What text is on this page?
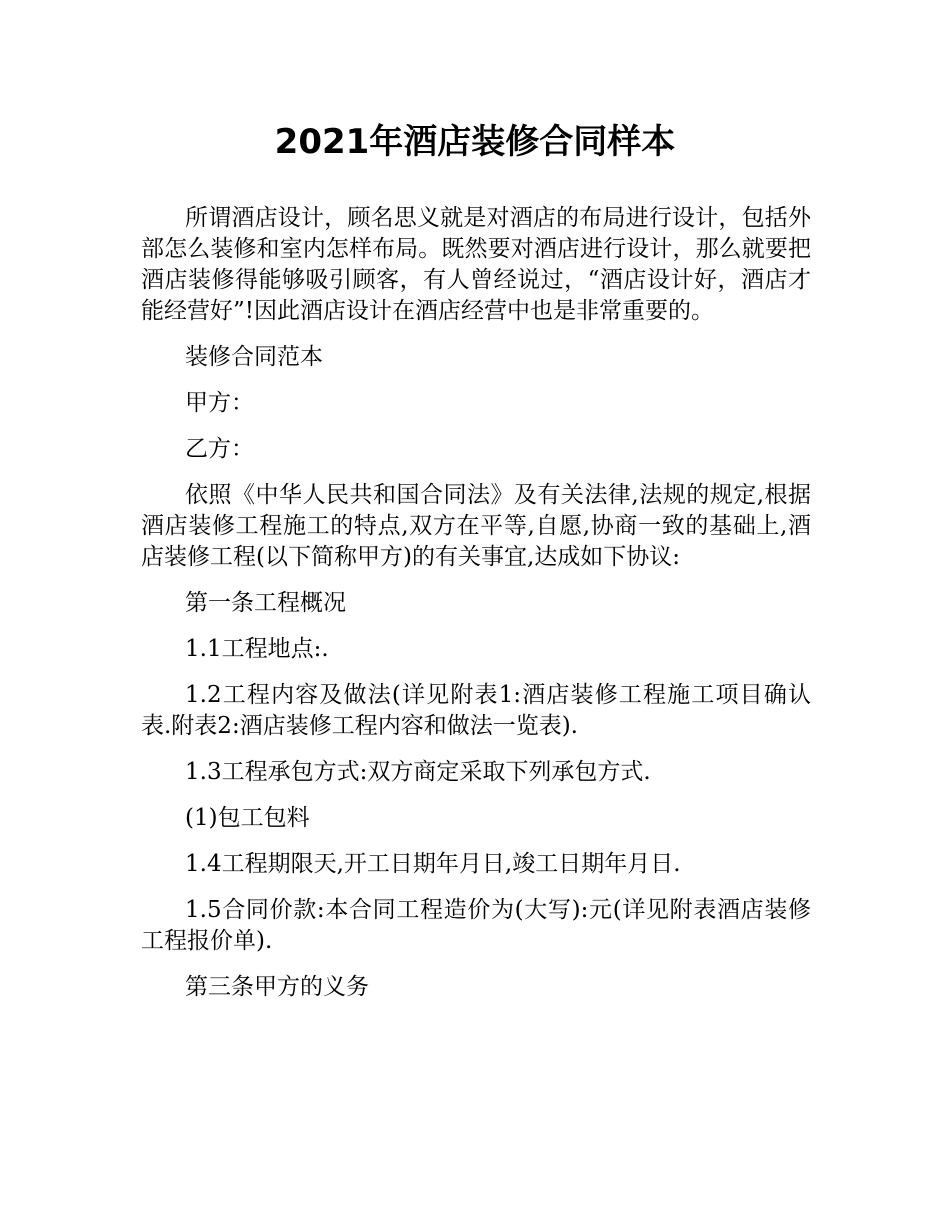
2021年酒店装修合同样本

所谓酒店设计，顾名思义就是对酒店的布局进行设计，包括外部怎么装修和室内怎样布局。既然要对酒店进行设计，那么就要把酒店装修得能够吸引顾客，有人曾经说过，“酒店设计好，酒店才能经营好”!因此酒店设计在酒店经营中也是非常重要的。

装修合同范本

甲方：

乙方：

依照《中华人民共和国合同法》及有关法律,法规的规定,根据酒店装修工程施工的特点,双方在平等,自愿,协商一致的基础上,酒店装修工程(以下简称甲方)的有关事宜,达成如下协议:

第一条工程概况

1.1工程地点:.

1.2工程内容及做法(详见附表1:酒店装修工程施工项目确认表.附表2:酒店装修工程内容和做法一览表).

1.3工程承包方式:双方商定采取下列承包方式.

(1)包工包料

1.4工程期限天,开工日期年月日,竣工日期年月日.

1.5合同价款:本合同工程造价为(大写):元(详见附表酒店装修工程报价单).

第三条甲方的义务
